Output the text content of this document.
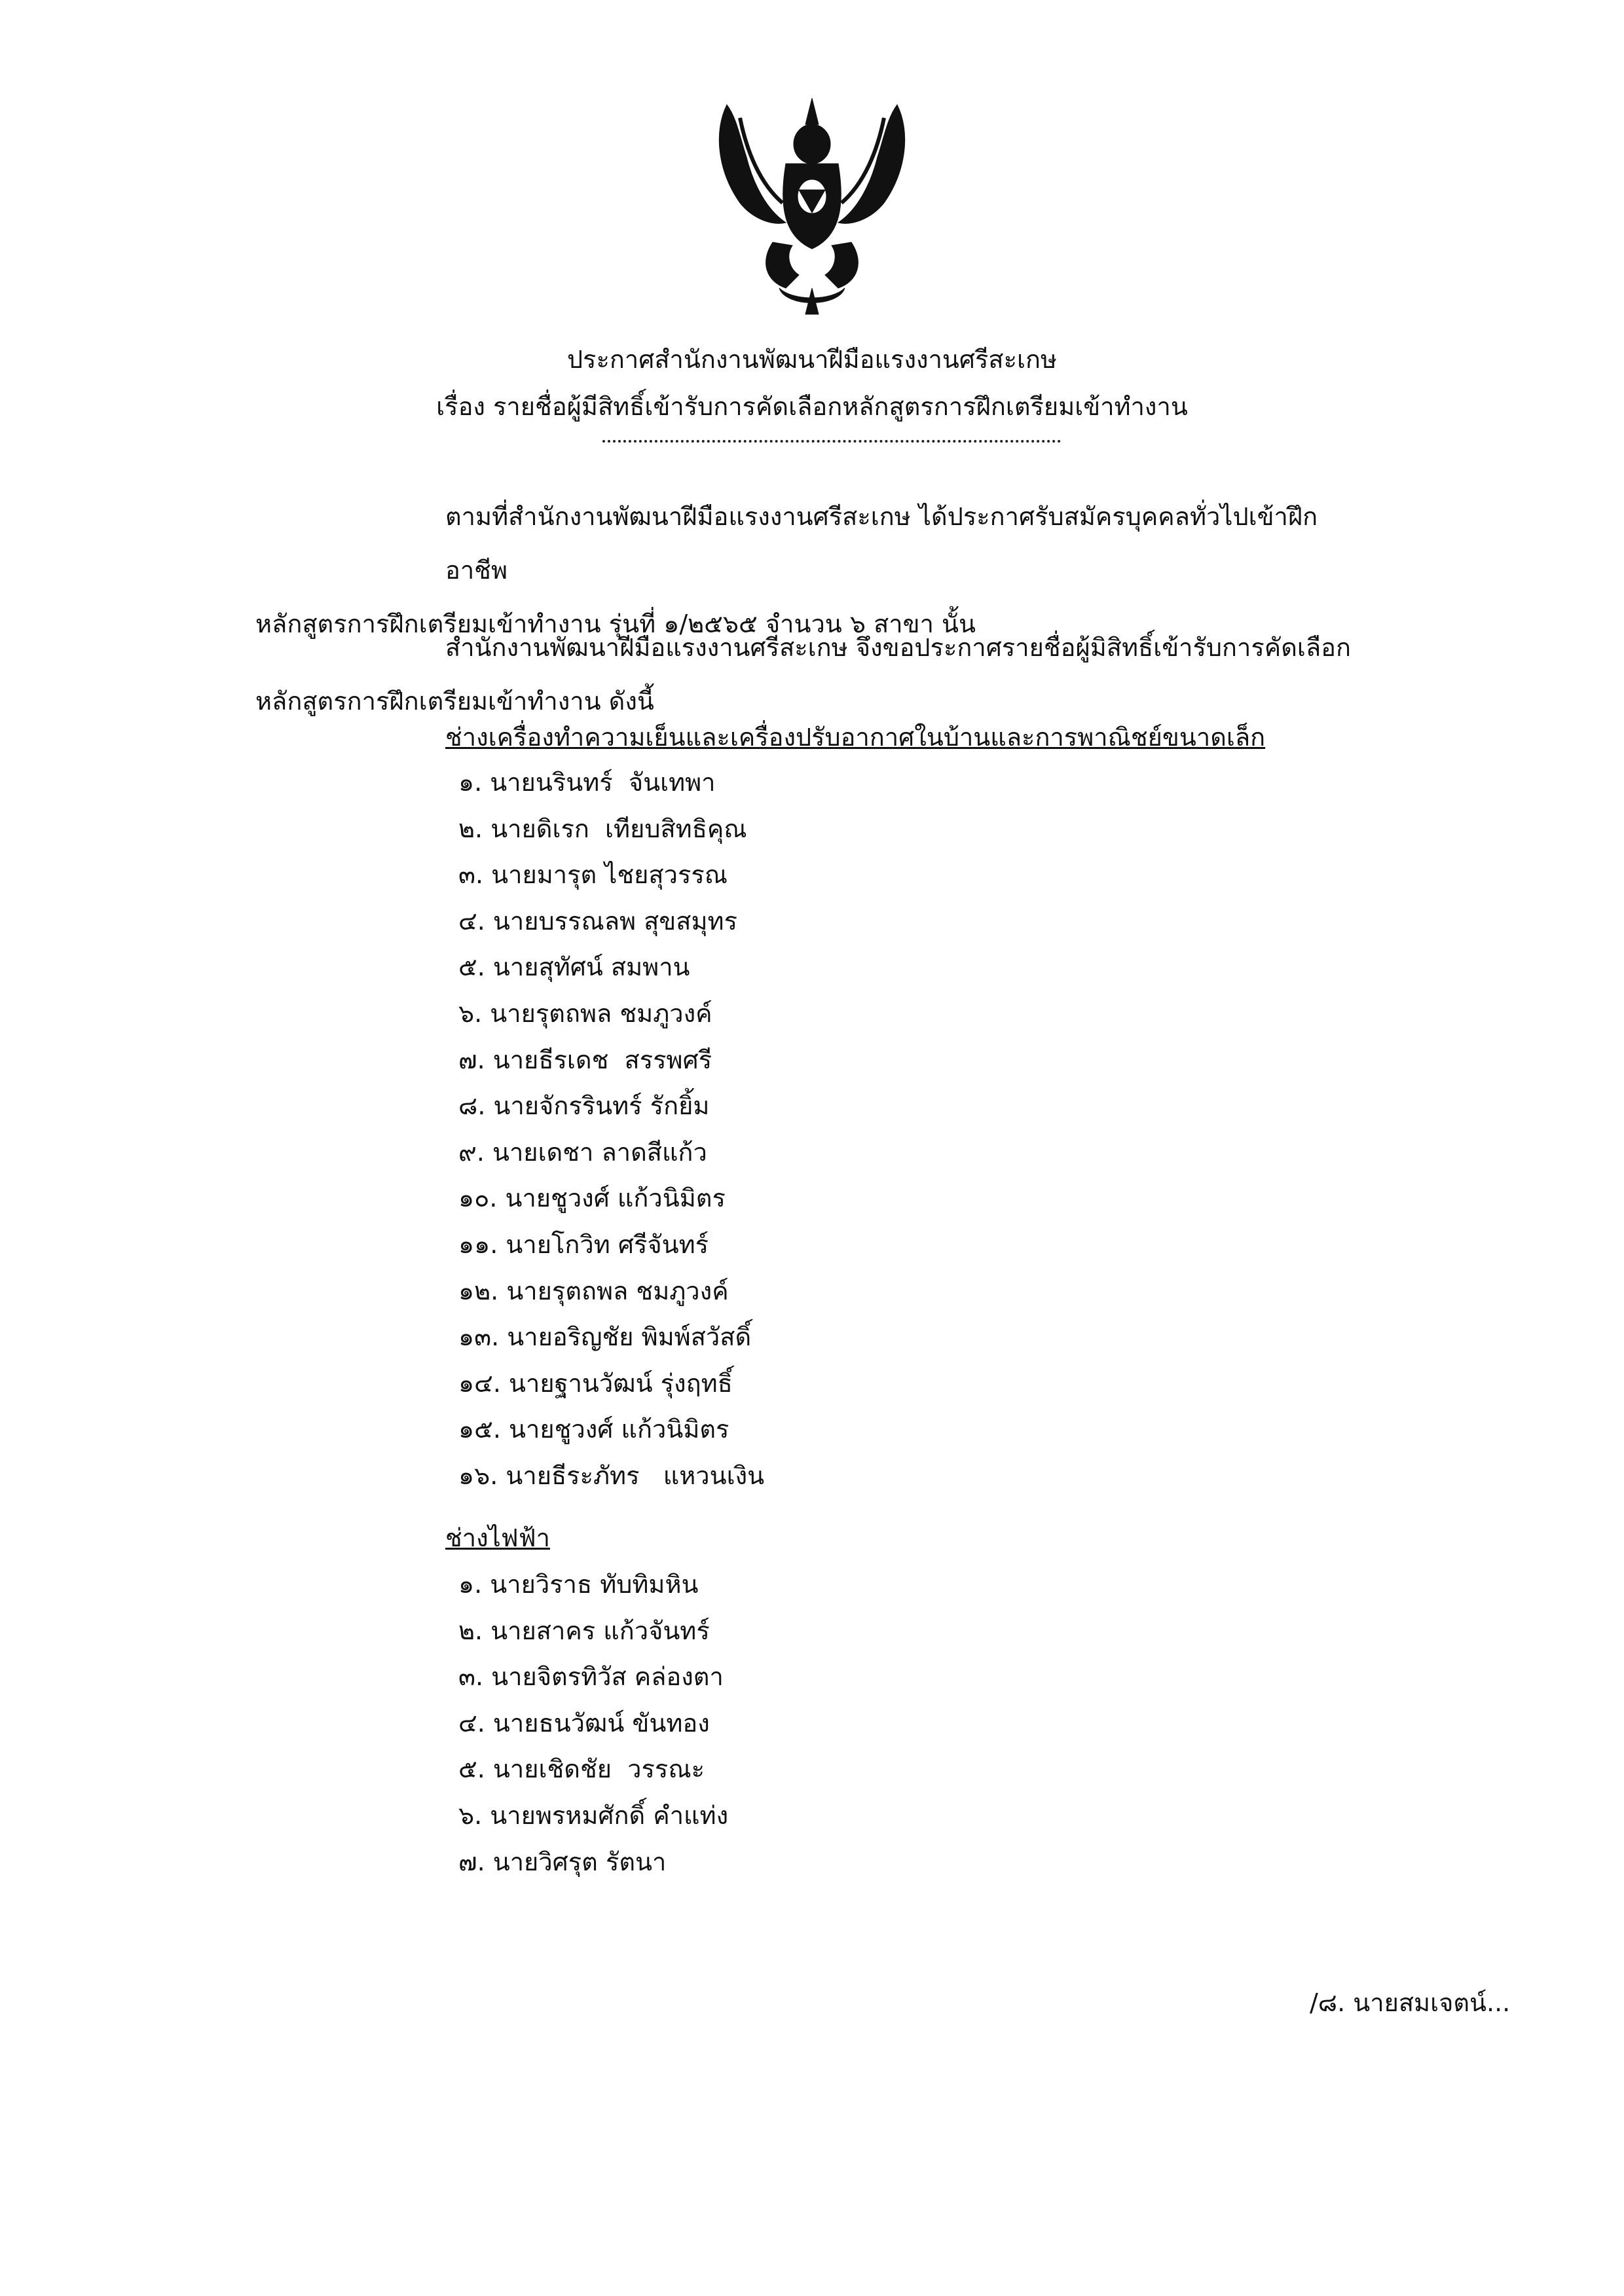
ประกาศสำนักงานพัฒนาฝีมือแรงงานศรีสะเกษ
เรื่อง รายชื่อผู้มีสิทธิ์เข้ารับการคัดเลือกหลักสูตรการฝึกเตรียมเข้าทำงาน
ตามที่สำนักงานพัฒนาฝีมือแรงงานศรีสะเกษ ได้ประกาศรับสมัครบุคคลทั่วไปเข้าฝึกอาชีพ
หลักสูตรการฝึกเตรียมเข้าทำงาน รุ่นที่ ๑/๒๕๖๕ จำนวน ๖ สาขา นั้น
สำนักงานพัฒนาฝีมือแรงงานศรีสะเกษ จึงขอประกาศรายชื่อผู้มิสิทธิ์เข้ารับการคัดเลือก
หลักสูตรการฝึกเตรียมเข้าทำงาน ดังนี้
ช่างเครื่องทำความเย็นและเครื่องปรับอากาศในบ้านและการพาณิชย์ขนาดเล็ก
๑. นายนรินทร์  จันเทพา
๒. นายดิเรก  เทียบสิทธิคุณ
๓. นายมารุต ไชยสุวรรณ
๔. นายบรรณลพ สุขสมุทร
๕. นายสุทัศน์ สมพาน
๖. นายรุตถพล ชมภูวงค์
๗. นายธีรเดช  สรรพศรี
๘. นายจักรรินทร์ รักยิ้ม
๙. นายเดชา ลาดสีแก้ว
๑๐. นายชูวงศ์ แก้วนิมิตร
๑๑. นายโกวิท ศรีจันทร์
๑๒. นายรุตถพล ชมภูวงค์
๑๓. นายอริญชัย พิมพ์สวัสดิ์
๑๔. นายฐานวัฒน์ รุ่งฤทธิ์
๑๕. นายชูวงศ์ แก้วนิมิตร
๑๖. นายธีระภัทร   แหวนเงิน
ช่างไฟฟ้า
๑. นายวิราธ ทับทิมหิน
๒. นายสาคร แก้วจันทร์
๓. นายจิตรทิวัส คล่องตา
๔. นายธนวัฒน์ ขันทอง
๕. นายเชิดชัย  วรรณะ
๖. นายพรหมศักดิ์ คำแท่ง
๗. นายวิศรุต รัตนา
/๘. นายสมเจตน์...
